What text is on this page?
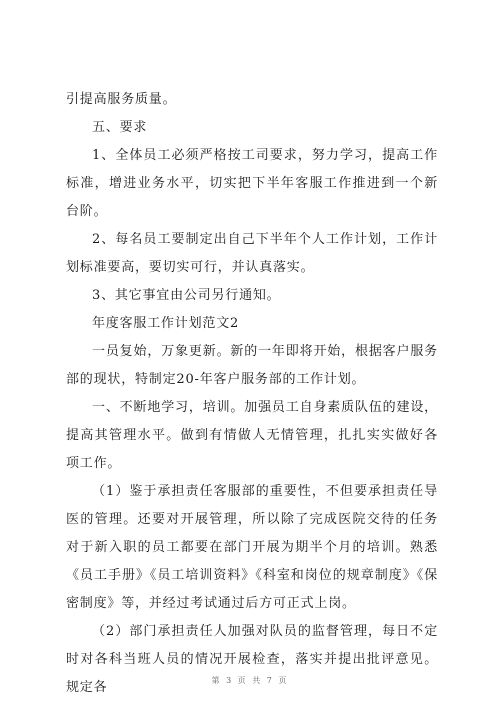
引提高服务质量。

五、要求

1、全体员工必须严格按工司要求，努力学习，提高工作标准，增进业务水平，切实把下半年客服工作推进到一个新台阶。

2、每名员工要制定出自己下半年个人工作计划，工作计划标准要高，要切实可行，并认真落实。

3、其它事宜由公司另行通知。

年度客服工作计划范文2

一员复始，万象更新。新的一年即将开始，根据客户服务部的现状，特制定20-年客户服务部的工作计划。

一、不断地学习，培训。加强员工自身素质队伍的建设，提高其管理水平。做到有情做人无情管理，扎扎实实做好各项工作。

（1）鉴于承担责任客服部的重要性，不但要承担责任导医的管理。还要对开展管理，所以除了完成医院交待的任务对于新入职的员工都要在部门开展为期半个月的培训。熟悉《员工手册》《员工培训资料》《科室和岗位的规章制度》《保密制度》等，并经过考试通过后方可正式上岗。

（2）部门承担责任人加强对队员的监督管理，每日不定时对各科当班人员的情况开展检查，落实并提出批评意见。规定各	第 3 页 共 7 页
